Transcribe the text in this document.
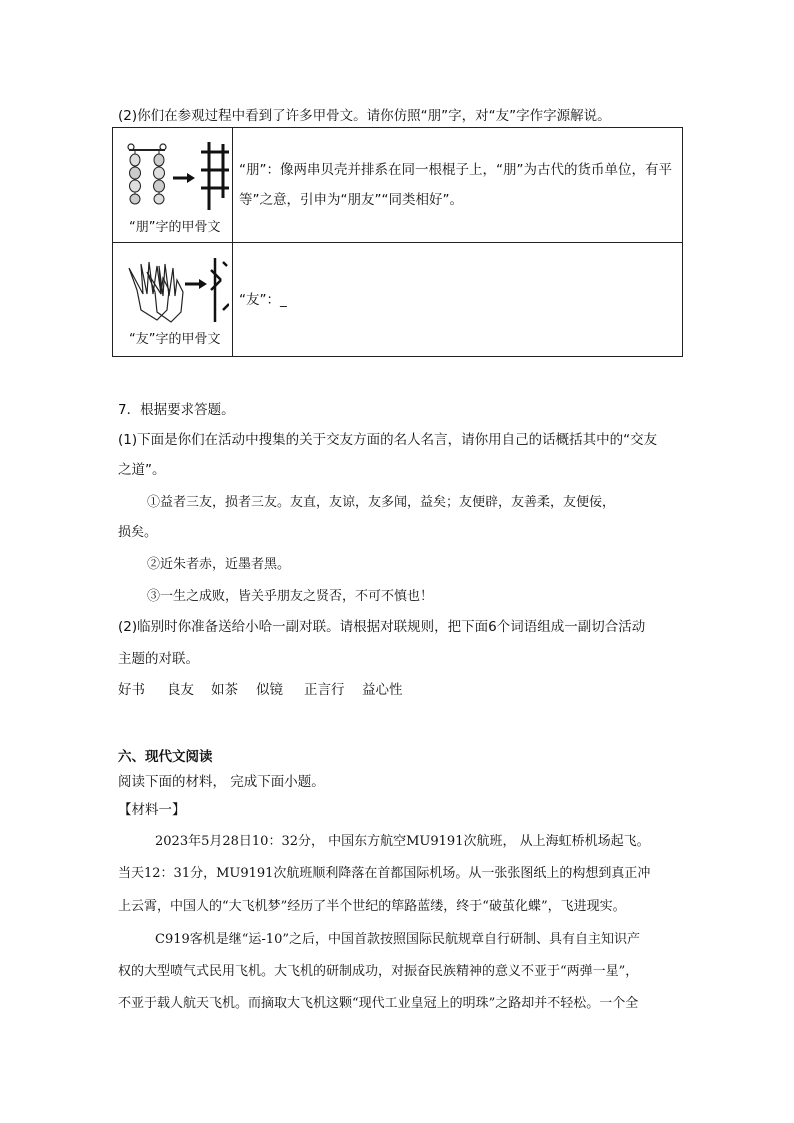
(2)你们在参观过程中看到了许多甲骨文。请你仿照“朋”字，对“友”字作字源解说。
“朋”字的甲骨文
“朋”：像两串贝壳并排系在同一根棍子上，“朋”为古代的货币单位，有平
等”之意，引申为“朋友”“同类相好”。
“友”字的甲骨文
“友”：_
7．根据要求答题。
(1)下面是你们在活动中搜集的关于交友方面的名人名言，请你用自己的话概括其中的“交友
之道”。
①益者三友，损者三友。友直，友谅，友多闻，益矣；友便辟，友善柔，友便佞，
损矣。
②近朱者赤，近墨者黑。
③一生之成败，皆关乎朋友之贤否，不可不慎也！
(2)临别时你准备送给小哈一副对联。请根据对联规则，把下面6个词语组成一副切合活动
主题的对联。
好书 良友 如茶 似镜 正言行 益心性
六、现代文阅读
阅读下面的材料， 完成下面小题。
【材料一】
2023年5月28日10：32分， 中国东方航空MU9191次航班， 从上海虹桥机场起飞。
当天12：31分，MU9191次航班顺利降落在首都国际机场。从一张张图纸上的构想到真正冲
上云霄，中国人的“大飞机梦”经历了半个世纪的筚路蓝缕，终于“破茧化蝶”，飞进现实。
C919客机是继“运-10”之后，中国首款按照国际民航规章自行研制、具有自主知识产
权的大型喷气式民用飞机。大飞机的研制成功，对振奋民族精神的意义不亚于“两弹一星”，
不亚于载人航天飞机。而摘取大飞机这颗“现代工业皇冠上的明珠”之路却并不轻松。一个全
